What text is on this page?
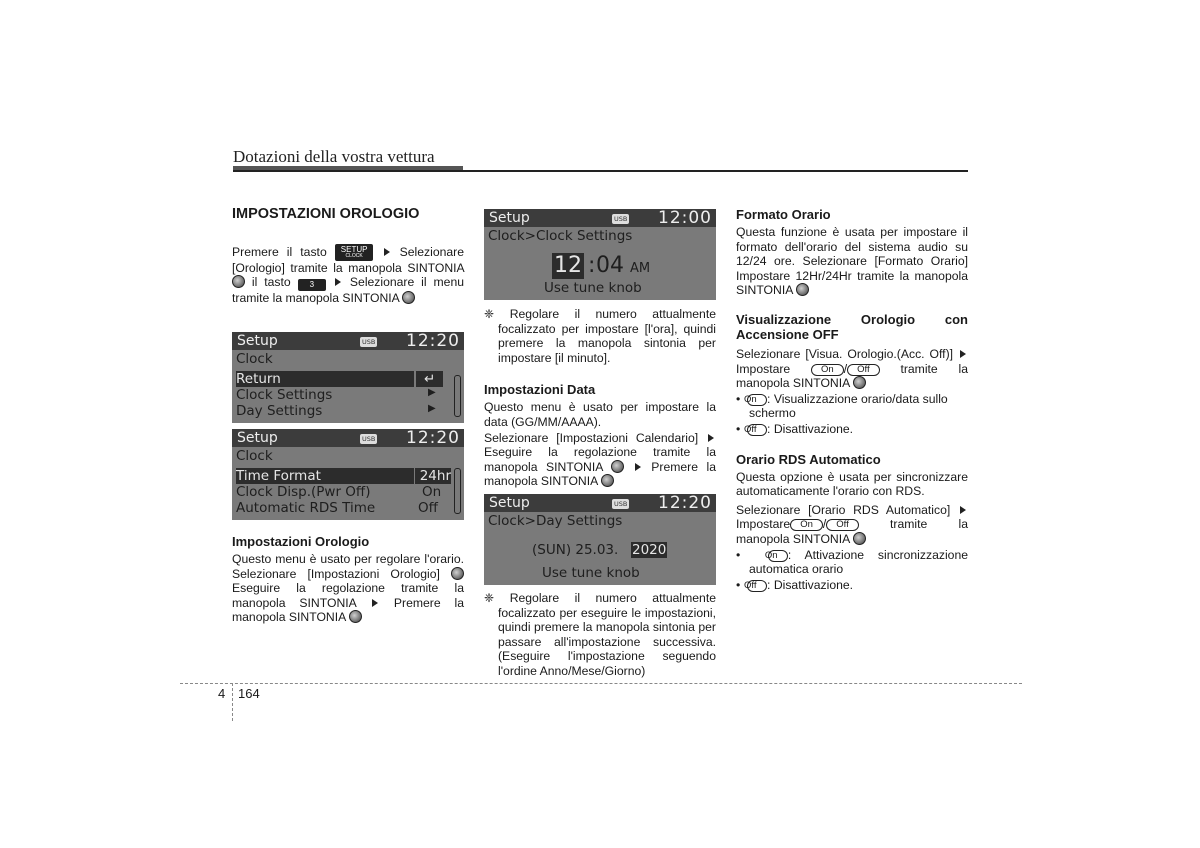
Dotazioni della vostra vettura
IMPOSTAZIONI OROLOGIO

Premere il tasto SETUP
CLOCK	Selezionare [Orologio] tramite la manopola SINTONIA  il tasto 3	Selezionare il menu tramite la manopola SINTONIA

Setup	USB 12:20
Clock
Return	↵
Clock Settings	▶
Day Settings	▶
Setup	USB 12:20
Clock
Time Format	24hr
Clock Disp.(Pwr Off)	On
Automatic RDS Time	Off
Impostazioni Orologio

Questo menu è usato per regolare l'orario. Selezionare [Impostazioni Orologio]  Eseguire la regolazione tramite la manopola SINTONIA	Premere la manopola SINTONIA

Setup	USB 12:00
Clock>Clock Settings
12 : 04 AM
Use tune knob

❈ Regolare il numero attualmente focalizzato per impostare [l'ora], quindi premere la manopola sintonia per impostare [il minuto].

Impostazioni Data

Questo menu è usato per impostare la data (GG/MM/AAAA).

Selezionare [Impostazioni Calendario]  Eseguire la regolazione tramite la manopola SINTONIA	Premere la manopola SINTONIA

Setup	USB 12:20
Clock>Day Settings
(SUN) 25.03. 2020
Use tune knob

❈ Regolare il numero attualmente focalizzato per eseguire le impostazioni, quindi premere la manopola sintonia per passare all'impostazione successiva. (Eseguire l'impostazione seguendo l'ordine Anno/Mese/Giorno)

Formato Orario

Questa funzione è usata per impostare il formato dell'orario del sistema audio su 12/24 ore. Selezionare [Formato Orario] Impostare 12Hr/24Hr tramite la manopola SINTONIA

Visualizzazione Orologio con Accensione OFF

Selezionare [Visua. Orologio.(Acc. Off)]  Impostare	On / Off	tramite la manopola SINTONIA

•  On : Visualizzazione orario/data sullo schermo

•  Off : Disattivazione.

Orario RDS Automatico

Questa opzione è usata per sincronizzare automaticamente l'orario con RDS.

Selezionare [Orario RDS Automatico]  Impostare On / Off	tramite la manopola SINTONIA

•  On : Attivazione sincronizzazione automatica orario

•  Off : Disattivazione.

4 164
